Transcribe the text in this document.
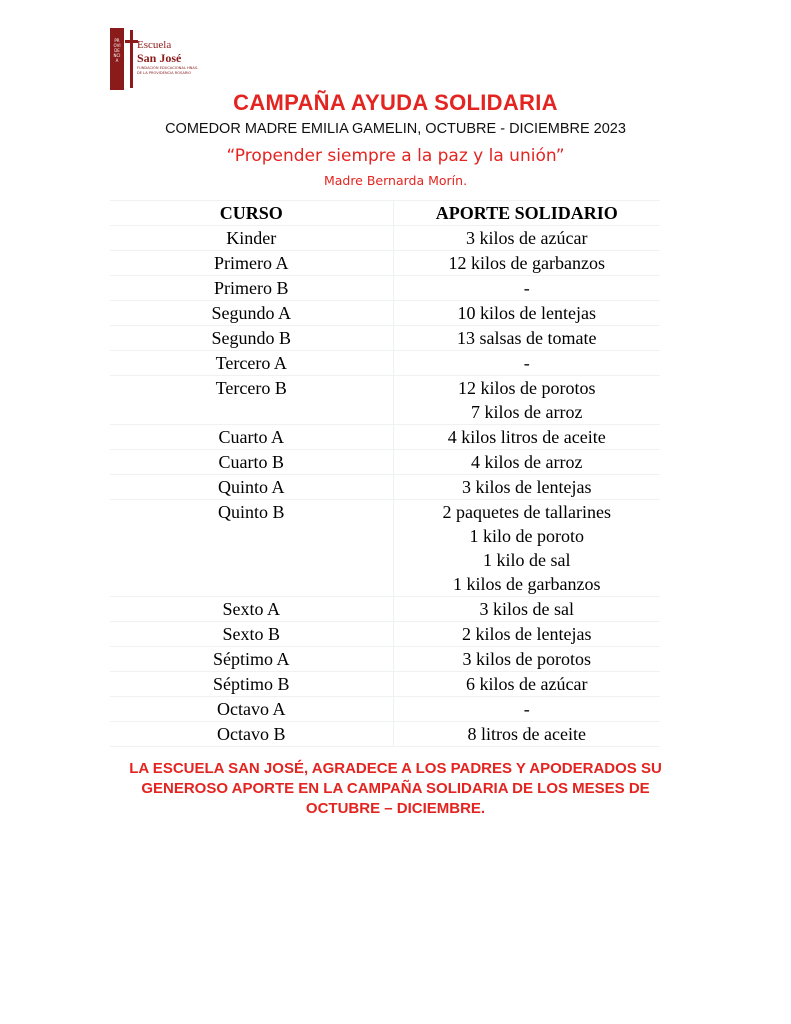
PROVIDENCIA
Escuela
San José
FUNDACIÓN EDUCACIONAL HNAS. DE LA PROVIDENCIA ROSARIO
CAMPAÑA AYUDA SOLIDARIA

COMEDOR MADRE EMILIA GAMELIN, OCTUBRE - DICIEMBRE 2023

“Propender siempre a la paz y la unión”

Madre Bernarda Morín.

CURSO	APORTE SOLIDARIO
Kinder	3 kilos de azúcar

Primero A	12 kilos de garbanzos

Primero B	-

Segundo A	10 kilos de lentejas

Segundo B	13 salsas de tomate

Tercero A	-

Tercero B	12 kilos de porotos
7 kilos de arroz

Cuarto A	4 kilos litros de aceite

Cuarto B	4 kilos de arroz

Quinto A	3 kilos de lentejas

Quinto B	2 paquetes de tallarines
1 kilo de poroto
1 kilo de sal
1 kilos de garbanzos

Sexto A	3 kilos de sal

Sexto B	2 kilos de lentejas

Séptimo A	3 kilos de porotos

Séptimo B	6 kilos de azúcar

Octavo A	-

Octavo B	8 litros de aceite
LA ESCUELA SAN JOSÉ, AGRADECE A LOS PADRES Y APODERADOS SU
GENEROSO APORTE EN LA CAMPAÑA SOLIDARIA DE LOS MESES DE
OCTUBRE – DICIEMBRE.
